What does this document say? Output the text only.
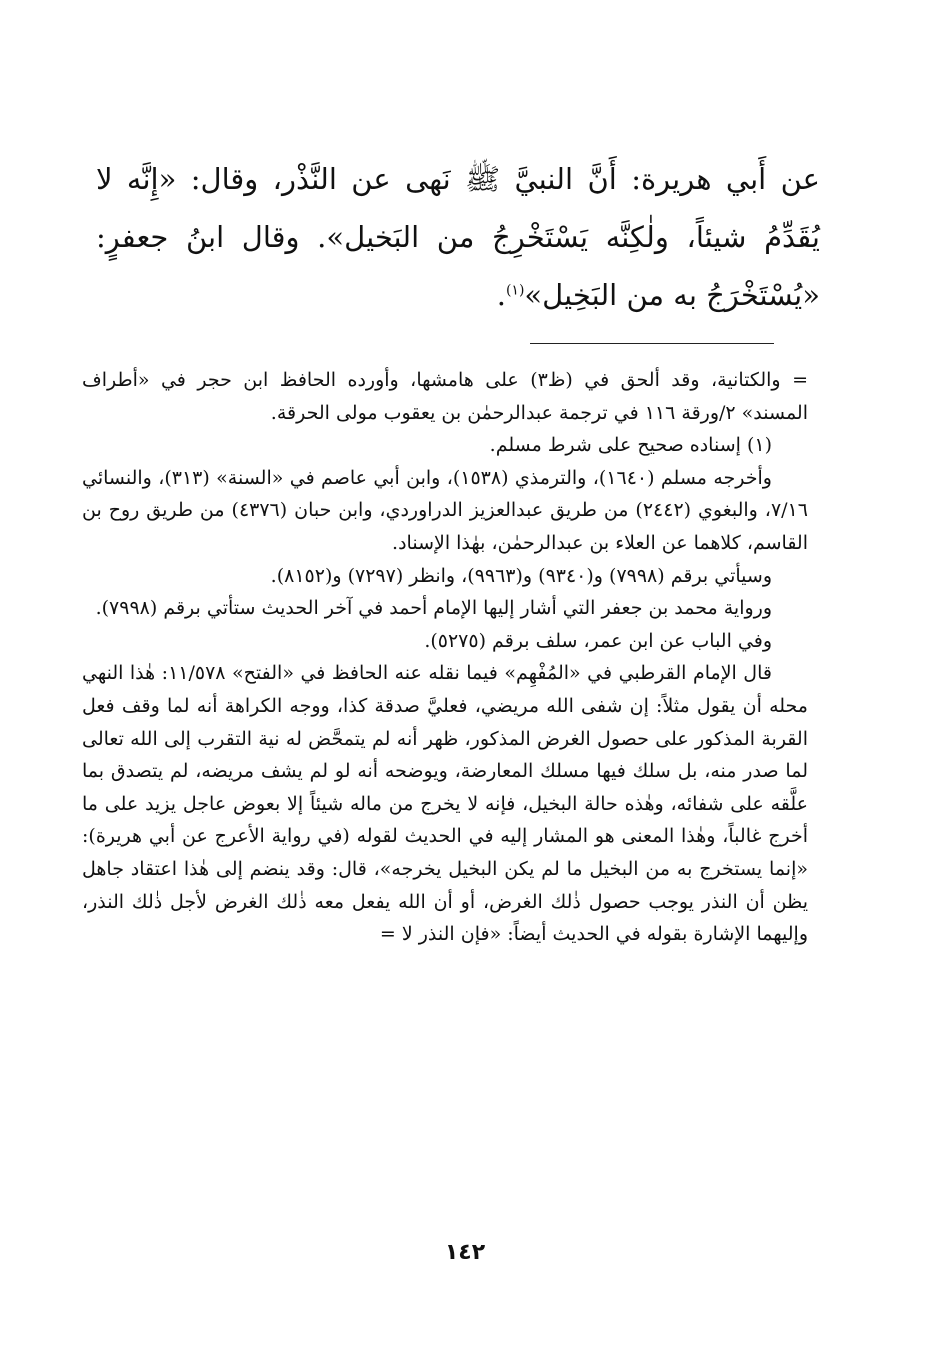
عن أَبي هريرة: أَنَّ النبيَّ ﷺ نَهى عن النَّذْر، وقال: «إِنَّه لا يُقَدِّمُ شيئاً، ولٰكِنَّه يَسْتَخْرِجُ من البَخيل». وقال ابنُ جعفرٍ: «يُسْتَخْرَجُ به من البَخِيل»$^{(١)}$.

= والكتانية، وقد ألحق في (ظ٣) على هامشها، وأورده الحافظ ابن حجر في «أطراف المسند» ٢/ورقة ١١٦ في ترجمة عبدالرحمٰن بن يعقوب مولى الحرقة.

(١) إسناده صحيح على شرط مسلم.

وأخرجه مسلم (١٦٤٠)، والترمذي (١٥٣٨)، وابن أبي عاصم في «السنة» (٣١٣)، والنسائي ٧/١٦، والبغوي (٢٤٤٢) من طريق عبدالعزيز الدراوردي، وابن حبان (٤٣٧٦) من طريق روح بن القاسم، كلاهما عن العلاء بن عبدالرحمٰن، بهٰذا الإسناد.

وسيأتي برقم (٧٩٩٨) و(٩٣٤٠) و(٩٩٦٣)، وانظر (٧٢٩٧) و(٨١٥٢).

ورواية محمد بن جعفر التي أشار إليها الإمام أحمد في آخر الحديث ستأتي برقم (٧٩٩٨).

وفي الباب عن ابن عمر، سلف برقم (٥٢٧٥).

قال الإمام القرطبي في «المُفْهِم» فيما نقله عنه الحافظ في «الفتح» ١١/٥٧٨: هٰذا النهي محله أن يقول مثلاً: إن شفى الله مريضي، فعليَّ صدقة كذا، ووجه الكراهة أنه لما وقف فعل القربة المذكور على حصول الغرض المذكور، ظهر أنه لم يتمحَّض له نية التقرب إلى الله تعالى لما صدر منه، بل سلك فيها مسلك المعارضة، ويوضحه أنه لو لم يشف مريضه، لم يتصدق بما علَّقه على شفائه، وهٰذه حالة البخيل، فإنه لا يخرج من ماله شيئاً إلا بعوض عاجل يزيد على ما أخرج غالباً، وهٰذا المعنى هو المشار إليه في الحديث لقوله (في رواية الأعرج عن أبي هريرة): «إنما يستخرج به من البخيل ما لم يكن البخيل يخرجه»، قال: وقد ينضم إلى هٰذا اعتقاد جاهل يظن أن النذر يوجب حصول ذٰلك الغرض، أو أن الله يفعل معه ذٰلك الغرض لأجل ذٰلك النذر، وإليهما الإشارة بقوله في الحديث أيضاً: «فإن النذر لا =

١٤٢
